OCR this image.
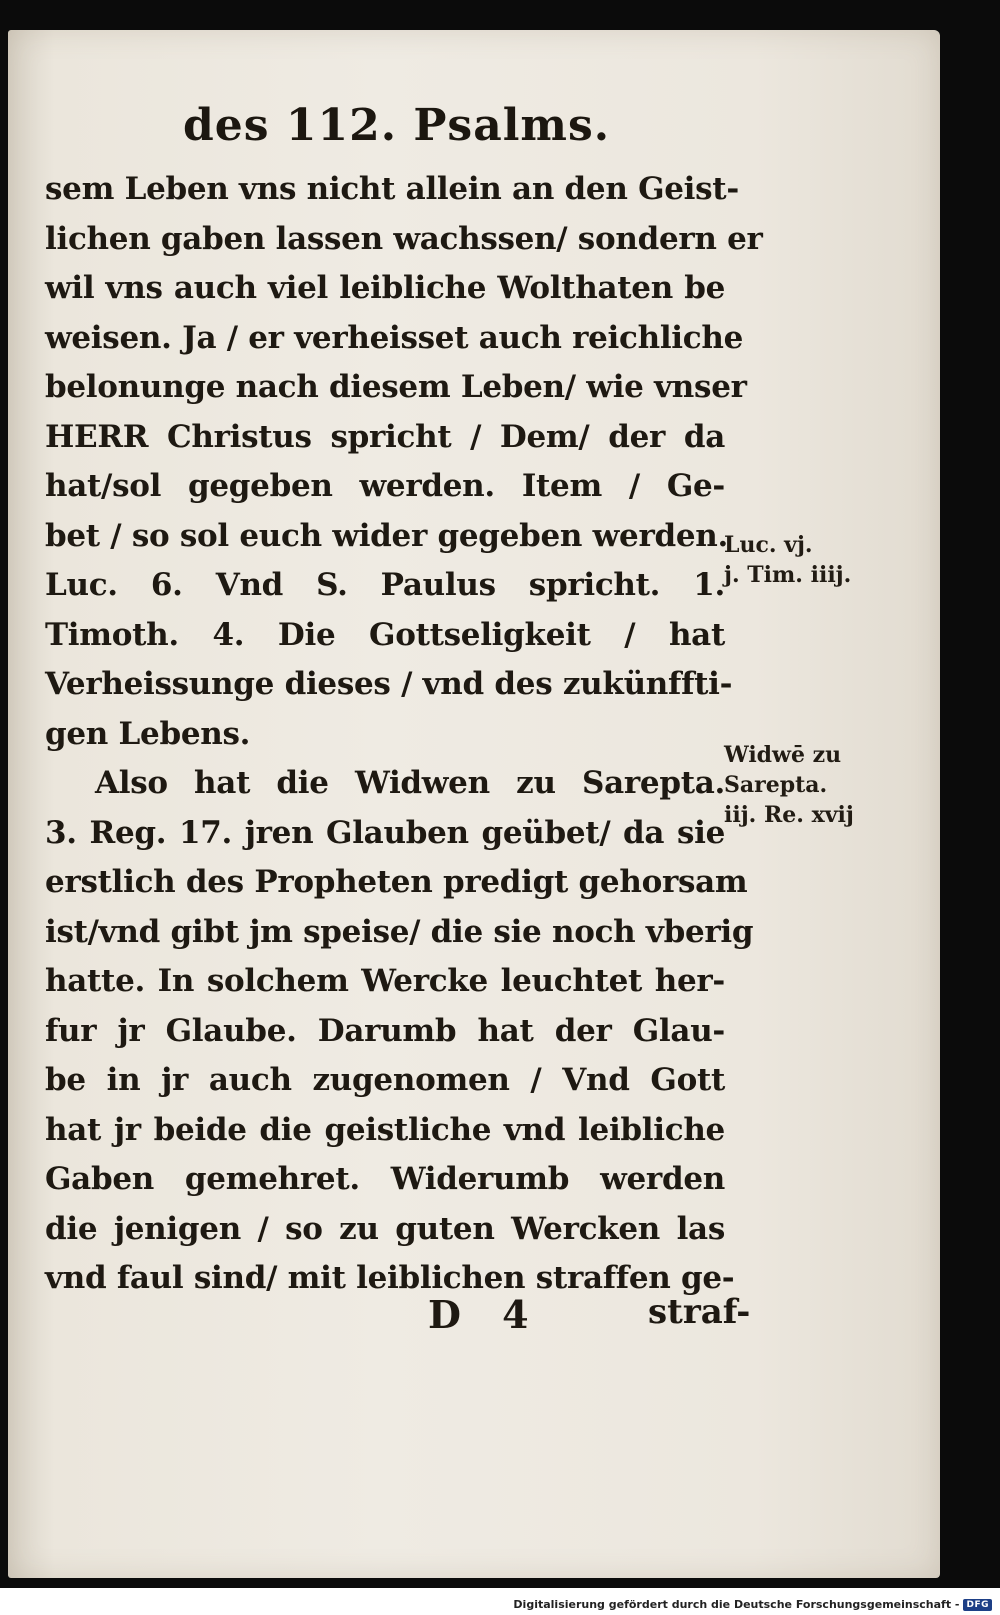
des 112. Psalms.
sem Leben vns nicht allein an den Geist-
lichen gaben lassen wachssen/ sondern er
wil vns auch viel leibliche Wolthaten be
weisen. Ja / er verheisset auch reichliche
belonunge nach diesem Leben/ wie vnser
HERR Christus spricht / Dem/ der da
hat/sol gegeben werden. Item / Ge-
bet / so sol euch wider gegeben werden.
Luc. 6. Vnd S. Paulus spricht. 1.
Timoth. 4. Die Gottseligkeit / hat
Verheissunge dieses / vnd des zukünffti-
gen Lebens.
Also hat die Widwen zu Sarepta.
3. Reg. 17. jren Glauben geübet/ da sie
erstlich des Propheten predigt gehorsam
ist/vnd gibt jm speise/ die sie noch vberig
hatte. In solchem Wercke leuchtet her-
fur jr Glaube. Darumb hat der Glau-
be in jr auch zugenomen / Vnd Gott
hat jr beide die geistliche vnd leibliche
Gaben gemehret. Widerumb werden
die jenigen / so zu guten Wercken las
vnd faul sind/ mit leiblichen straffen ge-
Luc. vj.
j. Tim. iiij.
Widwē zu
Sarepta.
iij. Re. xvij
D 4	straf-
Digitalisierung gefördert durch die Deutsche Forschungsgemeinschaft - DFG
